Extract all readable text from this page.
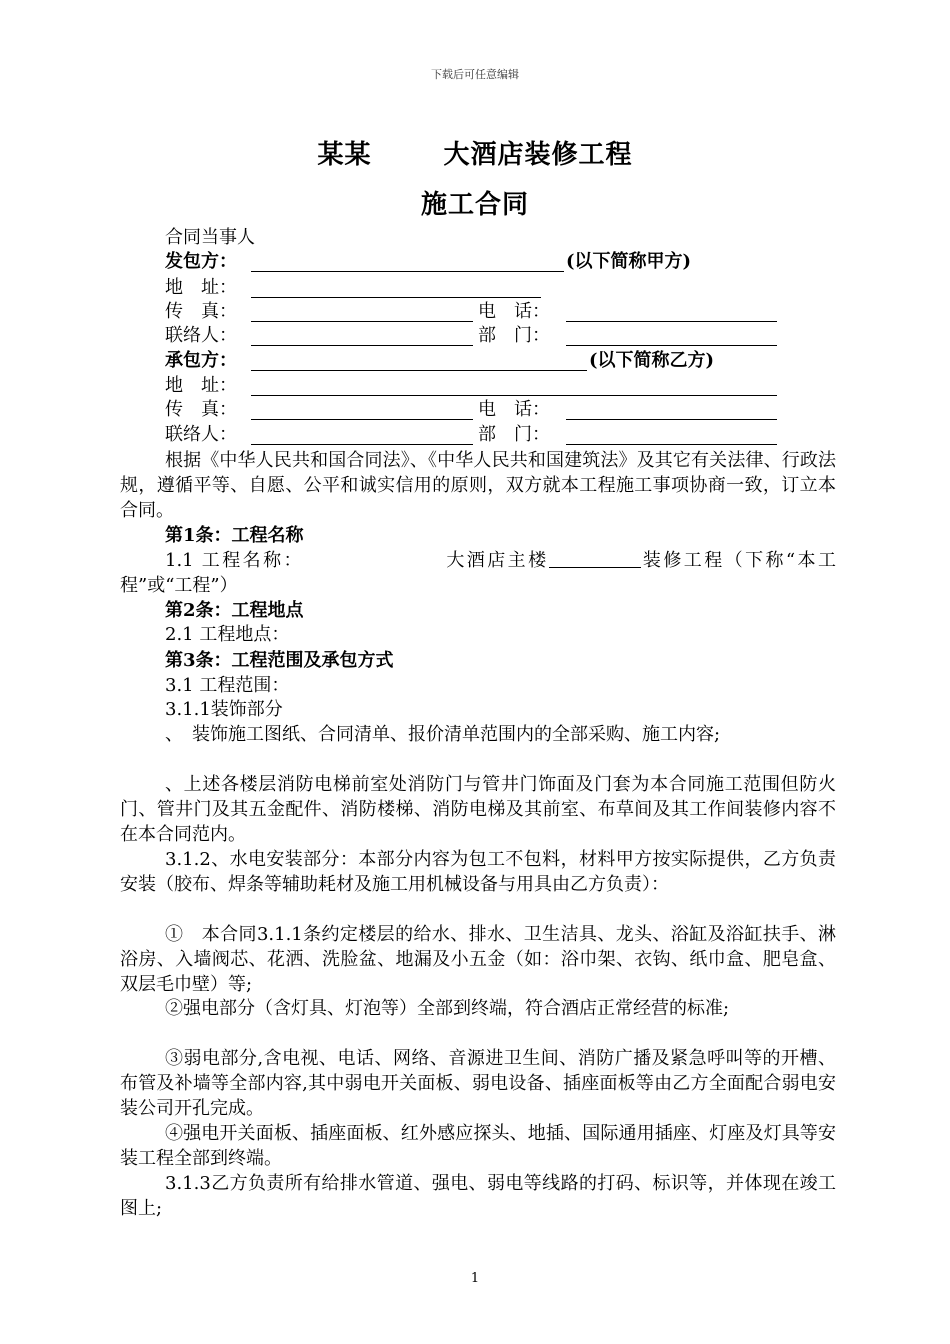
下载后可任意编辑
某某	大酒店装修工程
施工合同
合同当事人
发包方：	(以下简称甲方)
地　址：
传　真：	电　话：
联络人：	部　门：
承包方：	(以下简称乙方)
地　址：
传　真：	电　话：
联络人：	部　门：
根据《中华人民共和国合同法》、《中华人民共和国建筑法》及其它有关法律、行政法规，遵循平等、自愿、公平和诚实信用的原则，双方就本工程施工事项协商一致，订立本合同。
第1条：工程名称
1.1 工程名称：	大酒店主楼	装修工程（下称“本工程”或“工程”）
第2条：工程地点
2.1 工程地点：
第3条：工程范围及承包方式
3.1 工程范围：
3.1.1装饰部分
、　装饰施工图纸、合同清单、报价清单范围内的全部采购、施工内容;
、上述各楼层消防电梯前室处消防门与管井门饰面及门套为本合同施工范围但防火门、管井门及其五金配件、消防楼梯、消防电梯及其前室、布草间及其工作间装修内容不在本合同范内。
3.1.2、水电安装部分：本部分内容为包工不包料，材料甲方按实际提供，乙方负责安装（胶布、焊条等辅助耗材及施工用机械设备与用具由乙方负责）：
①　本合同3.1.1条约定楼层的给水、排水、卫生洁具、龙头、浴缸及浴缸扶手、淋浴房、入墙阀芯、花洒、洗脸盆、地漏及小五金（如：浴巾架、衣钩、纸巾盒、肥皂盒、双层毛巾壁）等;
②强电部分（含灯具、灯泡等）全部到终端，符合酒店正常经营的标准;
③弱电部分,含电视、电话、网络、音源进卫生间、消防广播及紧急呼叫等的开槽、布管及补墙等全部内容,其中弱电开关面板、弱电设备、插座面板等由乙方全面配合弱电安装公司开孔完成。
④强电开关面板、插座面板、红外感应探头、地插、国际通用插座、灯座及灯具等安装工程全部到终端。
3.1.3乙方负责所有给排水管道、强电、弱电等线路的打码、标识等，并体现在竣工图上;
1
